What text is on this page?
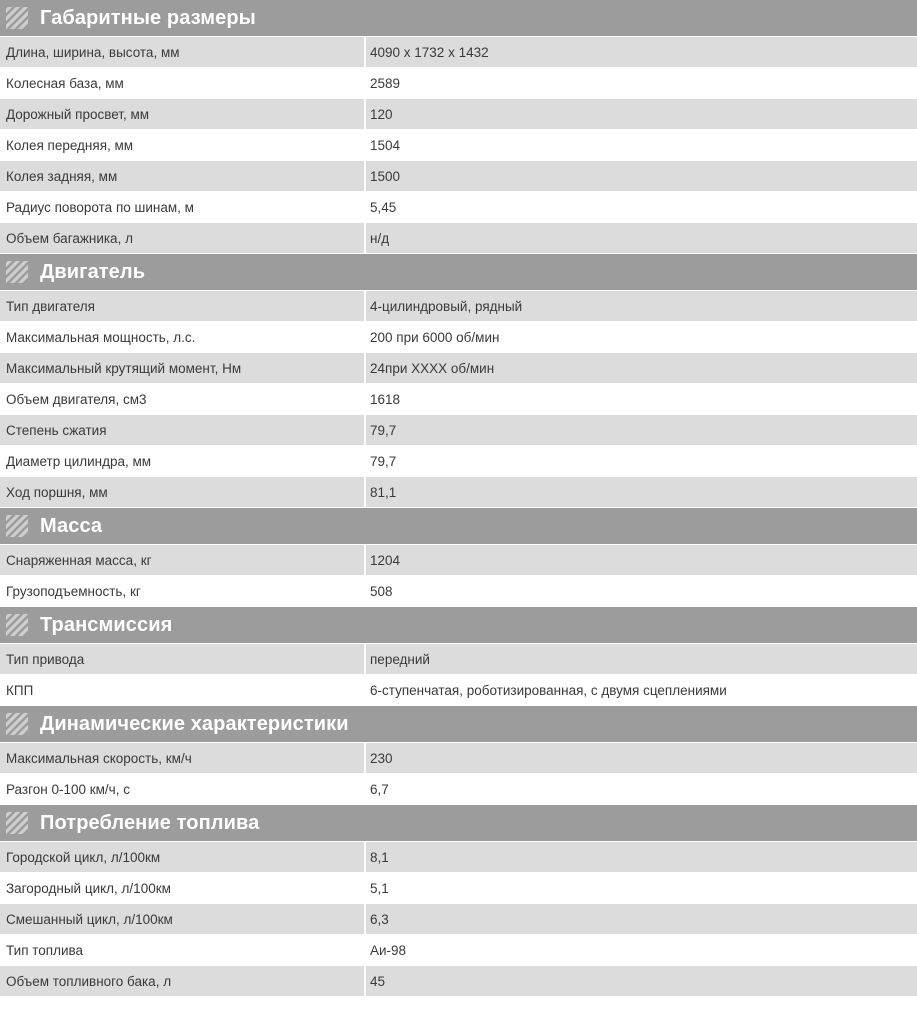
Габаритные размеры	

Длина, ширина, высота, мм	4090 x 1732 x 1432
Колесная база, мм	2589
Дорожный просвет, мм	120
Колея передняя, мм	1504
Колея задняя, мм	1500
Радиус поворота по шинам, м	5,45
Объем багажника, л	н/д

Двигатель	

Тип двигателя	4-цилиндровый, рядный
Максимальная мощность, л.с.	200 при 6000 об/мин
Максимальный крутящий момент, Нм	24при XXXX об/мин
Объем двигателя, см3	1618
Степень сжатия	79,7
Диаметр цилиндра, мм	79,7
Ход поршня, мм	81,1

Масса	

Снаряженная масса, кг	1204
Грузоподъемность, кг	508

Трансмиссия	

Тип привода	передний
КПП	6-ступенчатая, роботизированная, с двумя сцеплениями

Динамические характеристики	

Максимальная скорость, км/ч	230
Разгон 0-100 км/ч, с	6,7

Потребление топлива	

Городской цикл, л/100км	8,1
Загородный цикл, л/100км	5,1
Смешанный цикл, л/100км	6,3
Тип топлива	Аи-98
Объем топливного бака, л	45
